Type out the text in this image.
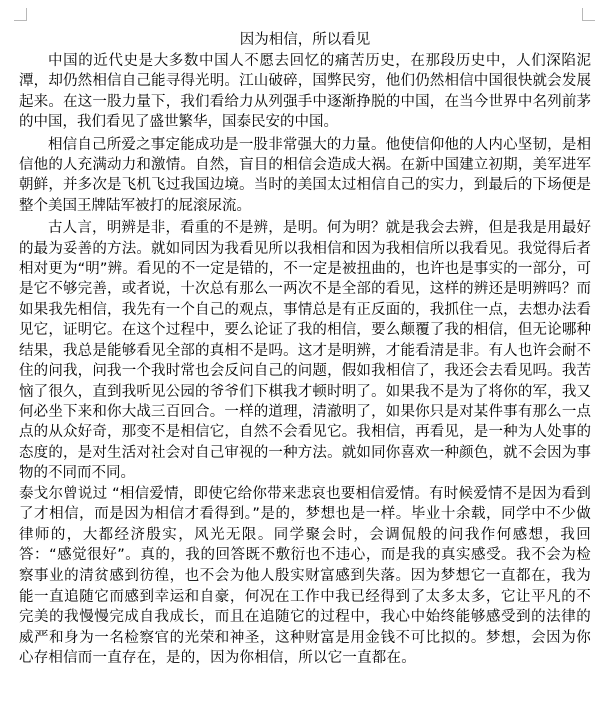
因为相信，所以看见

中国的近代史是大多数中国人不愿去回忆的痛苦历史，在那段历史中，人们深陷泥潭，却仍然相信自己能寻得光明。江山破碎，国弊民穷，他们仍然相信中国很快就会发展起来。在这一股力量下，我们看给力从列强手中逐渐挣脱的中国，在当今世界中名列前茅的中国，我们看见了盛世繁华，国泰民安的中国。

相信自己所爱之事定能成功是一股非常强大的力量。他使信仰他的人内心坚韧，是相信他的人充满动力和激情。自然，盲目的相信会造成大祸。在新中国建立初期，美军进军朝鲜，并多次是飞机飞过我国边境。当时的美国太过相信自己的实力，到最后的下场便是整个美国王牌陆军被打的屁滚尿流。

古人言，明辨是非，看重的不是辨，是明。何为明？就是我会去辨，但是我是用最好的最为妥善的方法。就如同因为我看见所以我相信和因为我相信所以我看见。我觉得后者相对更为“明”辨。看见的不一定是错的，不一定是被扭曲的，也许也是事实的一部分，可是它不够完善，或者说，十次总有那么一两次不是全部的看见，这样的辨还是明辨吗？而如果我先相信，我先有一个自己的观点，事情总是有正反面的，我抓住一点，去想办法看见它，证明它。在这个过程中，要么论证了我的相信，要么颠覆了我的相信，但无论哪种结果，我总是能够看见全部的真相不是吗。这才是明辨，才能看清是非。有人也许会耐不住的问我，问我一个我时常也会反问自己的问题，假如我相信了，我还会去看见吗。我苦恼了很久，直到我听见公园的爷爷们下棋我才顿时明了。如果我不是为了将你的军，我又何必坐下来和你大战三百回合。一样的道理，清澈明了，如果你只是对某件事有那么一点点的从众好奇，那变不是相信它，自然不会看见它。我相信，再看见，是一种为人处事的态度的，是对生活对社会对自己审视的一种方法。就如同你喜欢一种颜色，就不会因为事物的不同而不同。

泰戈尔曾说过 “相信爱情，即使它给你带来悲哀也要相信爱情。有时候爱情不是因为看到了才相信，而是因为相信才看得到。”是的，梦想也是一样。毕业十余载，同学中不少做律师的，大都经济殷实，风光无限。同学聚会时，会调侃般的问我作何感想，我回答：“感觉很好”。真的，我的回答既不敷衍也不违心，而是我的真实感受。我不会为检察事业的清贫感到彷徨，也不会为他人殷实财富感到失落。因为梦想它一直都在，我为能一直追随它而感到幸运和自豪，何况在工作中我已经得到了太多太多，它让平凡的不完美的我慢慢完成自我成长，而且在追随它的过程中，我心中始终能够感受到的法律的威严和身为一名检察官的光荣和神圣，这种财富是用金钱不可比拟的。梦想，会因为你心存相信而一直存在，是的，因为你相信，所以它一直都在。
